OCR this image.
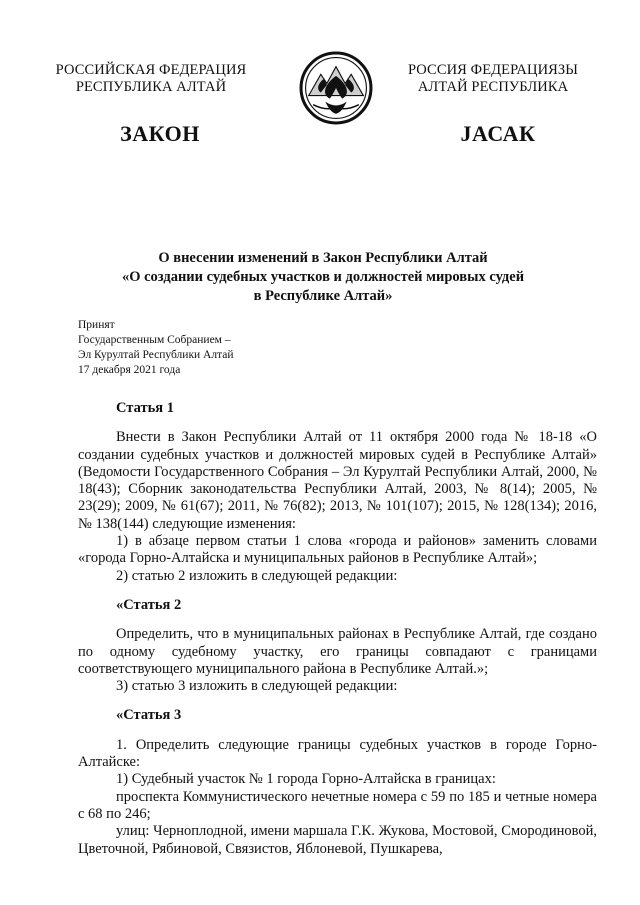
РОССИЙСКАЯ ФЕДЕРАЦИЯ
РЕСПУБЛИКА АЛТАЙ
РОССИЯ ФЕДЕРАЦИЯЗЫ
АЛТАЙ РЕСПУБЛИКА
ЗАКОН	ЈАСАК
О внесении изменений в Закон Республики Алтай
«О создании судебных участков и должностей мировых судей
в Республике Алтай»
Принят
Государственным Собранием –
Эл Курултай Республики Алтай
17 декабря 2021 года

Статья 1

Внести в Закон Республики Алтай от 11 октября 2000 года № 18-18 «О создании судебных участков и должностей мировых судей в Республике Алтай» (Ведомости Государственного Собрания – Эл Курултай Республики Алтай, 2000, № 18(43); Сборник законодательства Республики Алтай, 2003, № 8(14); 2005, № 23(29); 2009, № 61(67); 2011, № 76(82); 2013, № 101(107); 2015, № 128(134); 2016, № 138(144) следующие изменения:

1) в абзаце первом статьи 1 слова «города и районов» заменить словами «города Горно-Алтайска и муниципальных районов в Республике Алтай»;

2) статью 2 изложить в следующей редакции:

«Статья 2

Определить, что в муниципальных районах в Республике Алтай, где создано по одному судебному участку, его границы совпадают с границами соответствующего муниципального района в Республике Алтай.»;

3) статью 3 изложить в следующей редакции:

«Статья 3

1. Определить следующие границы судебных участков в городе Горно-Алтайске:

1) Судебный участок № 1 города Горно-Алтайска в границах:

проспекта Коммунистического нечетные номера с 59 по 185 и четные номера с 68 по 246;

улиц: Черноплодной, имени маршала Г.К. Жукова, Мостовой, Смородиновой, Цветочной, Рябиновой, Связистов, Яблоневой, Пушкарева,
